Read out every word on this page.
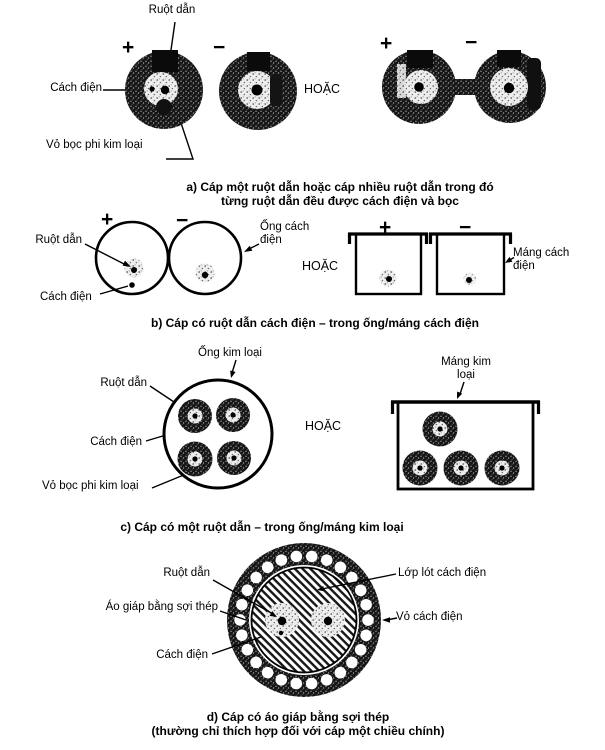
Ruột dẫn
+	−
Cách điện
Vỏ bọc phi kim loại
HOẶC
+	−
a) Cáp một ruột dẫn hoặc cáp nhiều ruột dẫn trong đó
từng ruột dẫn đều được cách điện và bọc
Ruột dẫn
+	−
Cách điện
Ống cách điện
HOẶC
+	−
Máng cách điện
b) Cáp có ruột dẫn cách điện – trong ống/máng cách điện
Ống kim loại
Ruột dẫn
Cách điện
Vỏ bọc phi kim loại
HOẶC
Máng kim loại
c) Cáp có một ruột dẫn – trong ống/máng kim loại
Ruột dẫn
Áo giáp bằng sợi thép
Cách điện
Lớp lót cách điện
Vỏ cách điện
d) Cáp có áo giáp bằng sợi thép
(thường chỉ thích hợp đối với cáp một chiều chính)
